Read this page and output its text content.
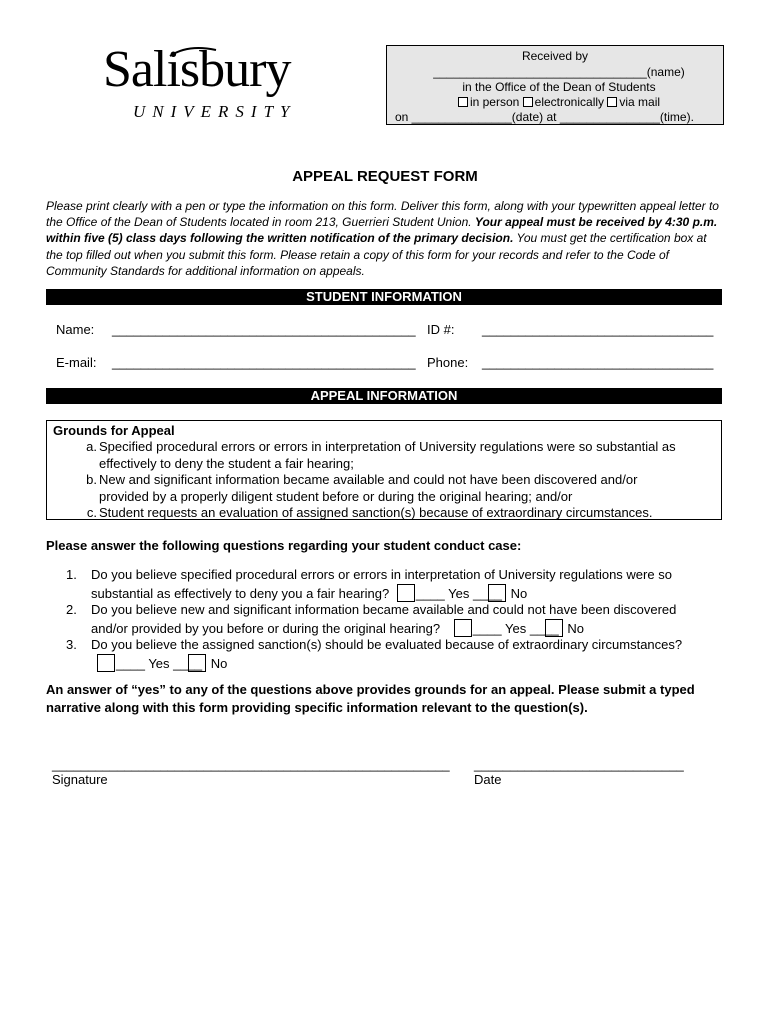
Salisbury
UNIVERSITY
Received by
________________________________(name)
in the Office of the Dean of Students
in person electronically via mail
on _______________(date) at _______________(time).
APPEAL REQUEST FORM
Please print clearly with a pen or type the information on this form. Deliver this form, along with your typewritten appeal letter to the Office of the Dean of Students located in room 213, Guerrieri Student Union. Your appeal must be received by 4:30 p.m. within five (5) class days following the written notification of the primary decision. You must get the certification box at the top filled out when you submit this form. Please retain a copy of this form for your records and refer to the Code of Community Standards for additional information on appeals.
STUDENT INFORMATION
Name: __________________________________________ ID #: ________________________________
E-mail: __________________________________________ Phone: ________________________________
APPEAL INFORMATION
Grounds for Appeal
a. Specified procedural errors or errors in interpretation of University regulations were so substantial as
effectively to deny the student a fair hearing;
b. New and significant information became available and could not have been discovered and/or
provided by a properly diligent student before or during the original hearing; and/or
c. Student requests an evaluation of assigned sanction(s) because of extraordinary circumstances.
Please answer the following questions regarding your student conduct case:
1. Do you believe specified procedural errors or errors in interpretation of University regulations were so
substantial as effectively to deny you a fair hearing? ____ Yes ____ No
2. Do you believe new and significant information became available and could not have been discovered
and/or provided by you before or during the original hearing?	____ Yes ____ No
3. Do you believe the assigned sanction(s) should be evaluated because of extraordinary circumstances?
____ Yes ____ No
An answer of “yes” to any of the questions above provides grounds for an appeal. Please submit a typed narrative along with this form providing specific information relevant to the question(s).
_______________________________________________________ _____________________________
Signature	Date
